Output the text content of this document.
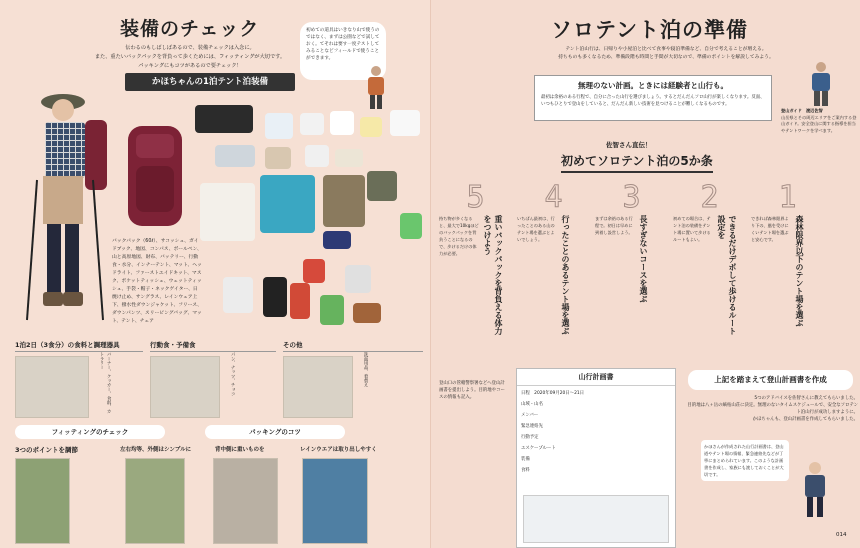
装備のチェック
伝わるのもしばしばあるので、装備チェックは入念に。
また、重たいバックパックを背負って歩くためには、フィッティングが大切です。
パッキングにもコツがあるので要チェック！
初めての道具はいきなり山で使うのではなく、まずは公園などで試しておく。てそれは要す一度テストしてみることなどフィールドで使うことができます。
かほちゃんの1泊テント泊装備
バックパック（60ℓ）、サコッシュ、ガイドブック、地図、コンパス、ボールペン、山と高原地図、財布、バッテリー、行動食・水分、インナーテント、マット、ヘッドライト、ファーストエイドキット、マスク、ポケットティッシュ、ウェットティッシュ、手袋・帽子・ネックゲイター、日焼け止め、サングラス、レインウェア上下、撥水性ダウンジャケット、フリース、ダウンパンツ、スリーピングバッグ、マット、テント、チェア
1泊2日（3食分）の食料と調理器具
バーナー、クッカー、食料、カトラリー
行動食・予備食
パン、ナッツ、チョコ
その他
洗面用品、着替え
フィッティングのチェック	パッキングのコツ
3つのポイントを調節	左右均等、外側はシンプルに	背中側に重いものを	レインウエアは取り出しやすく
ソロテント泊の準備
テント泊山行は、日帰りや小屋泊と比べて食事や寝泊準備など、自分で考えることが増える。
持ちものも多くなるため、準備段階も時間と手間が大切なので、準備のポイントを解説してみよう。
無理のない計画。ときには経験者と山行も。
最初は余裕のある行程で、自分に合った山行を選びましょう。するとだんだんソロ山行が楽しくなります。反面、いつもひとりで登山をしていると、だんだん新しい技術を見つけることが難しくなるものです。
登山ガイド　渡辺佐智
山岳県とその周辺エリアをご案内する登山ガイド。安全登山に関する指導を担当やテントワークを学べます。
佐智さん直伝！
初めてソロテント泊の5か条
5
持ち物が多くなると、最大で10kgほどのバックパックを背負うことになるので、歩けるだけの体力が必要。	重いバックパックを背負える体力をつけよう
4
いちばん最初は、行ったことのある山のテント場を選ぶとよいでしょう。	行ったことのあるテント場を選ぶ
3
まずは余裕のある行程で。初日は早めに到着し設営しよう。 長すぎないコースを選ぶ
2
初めての場合は、テント泊の装備をテント場に置いて歩けるルートもよい。	できるだけデポして歩けるルート設定を
1
できれば森林限界より下の、風を受けにくいテント場を選ぶと安心です。	森林限界以下のテント場を選ぶ
登山口の管轄警察署などへ登山計画書を提出しよう。目的地やコースの情報も記入。
山行計画書
日程　2020年09月20日〜21日
山域・山名
メンバー
緊急連絡先
行動予定
エスケープルート
装備
食料
上記を踏まえて登山計画書を作成
5つのアドバイスを佐智さんに教えてもらいました。
目的地は八ヶ岳の縞枯山荘に決定。無理のないタイムスケジュールで、安全なソロテント泊山行が成功しますように。
かほちゃんも、登山計画書を作成してもらいました。
かほさんが作成された山行計画書は、登山道やテント場の情報、緊急連絡先などが丁寧にまとめられています。このような計画書を作成し、家族にも渡しておくことが大切です。
014
